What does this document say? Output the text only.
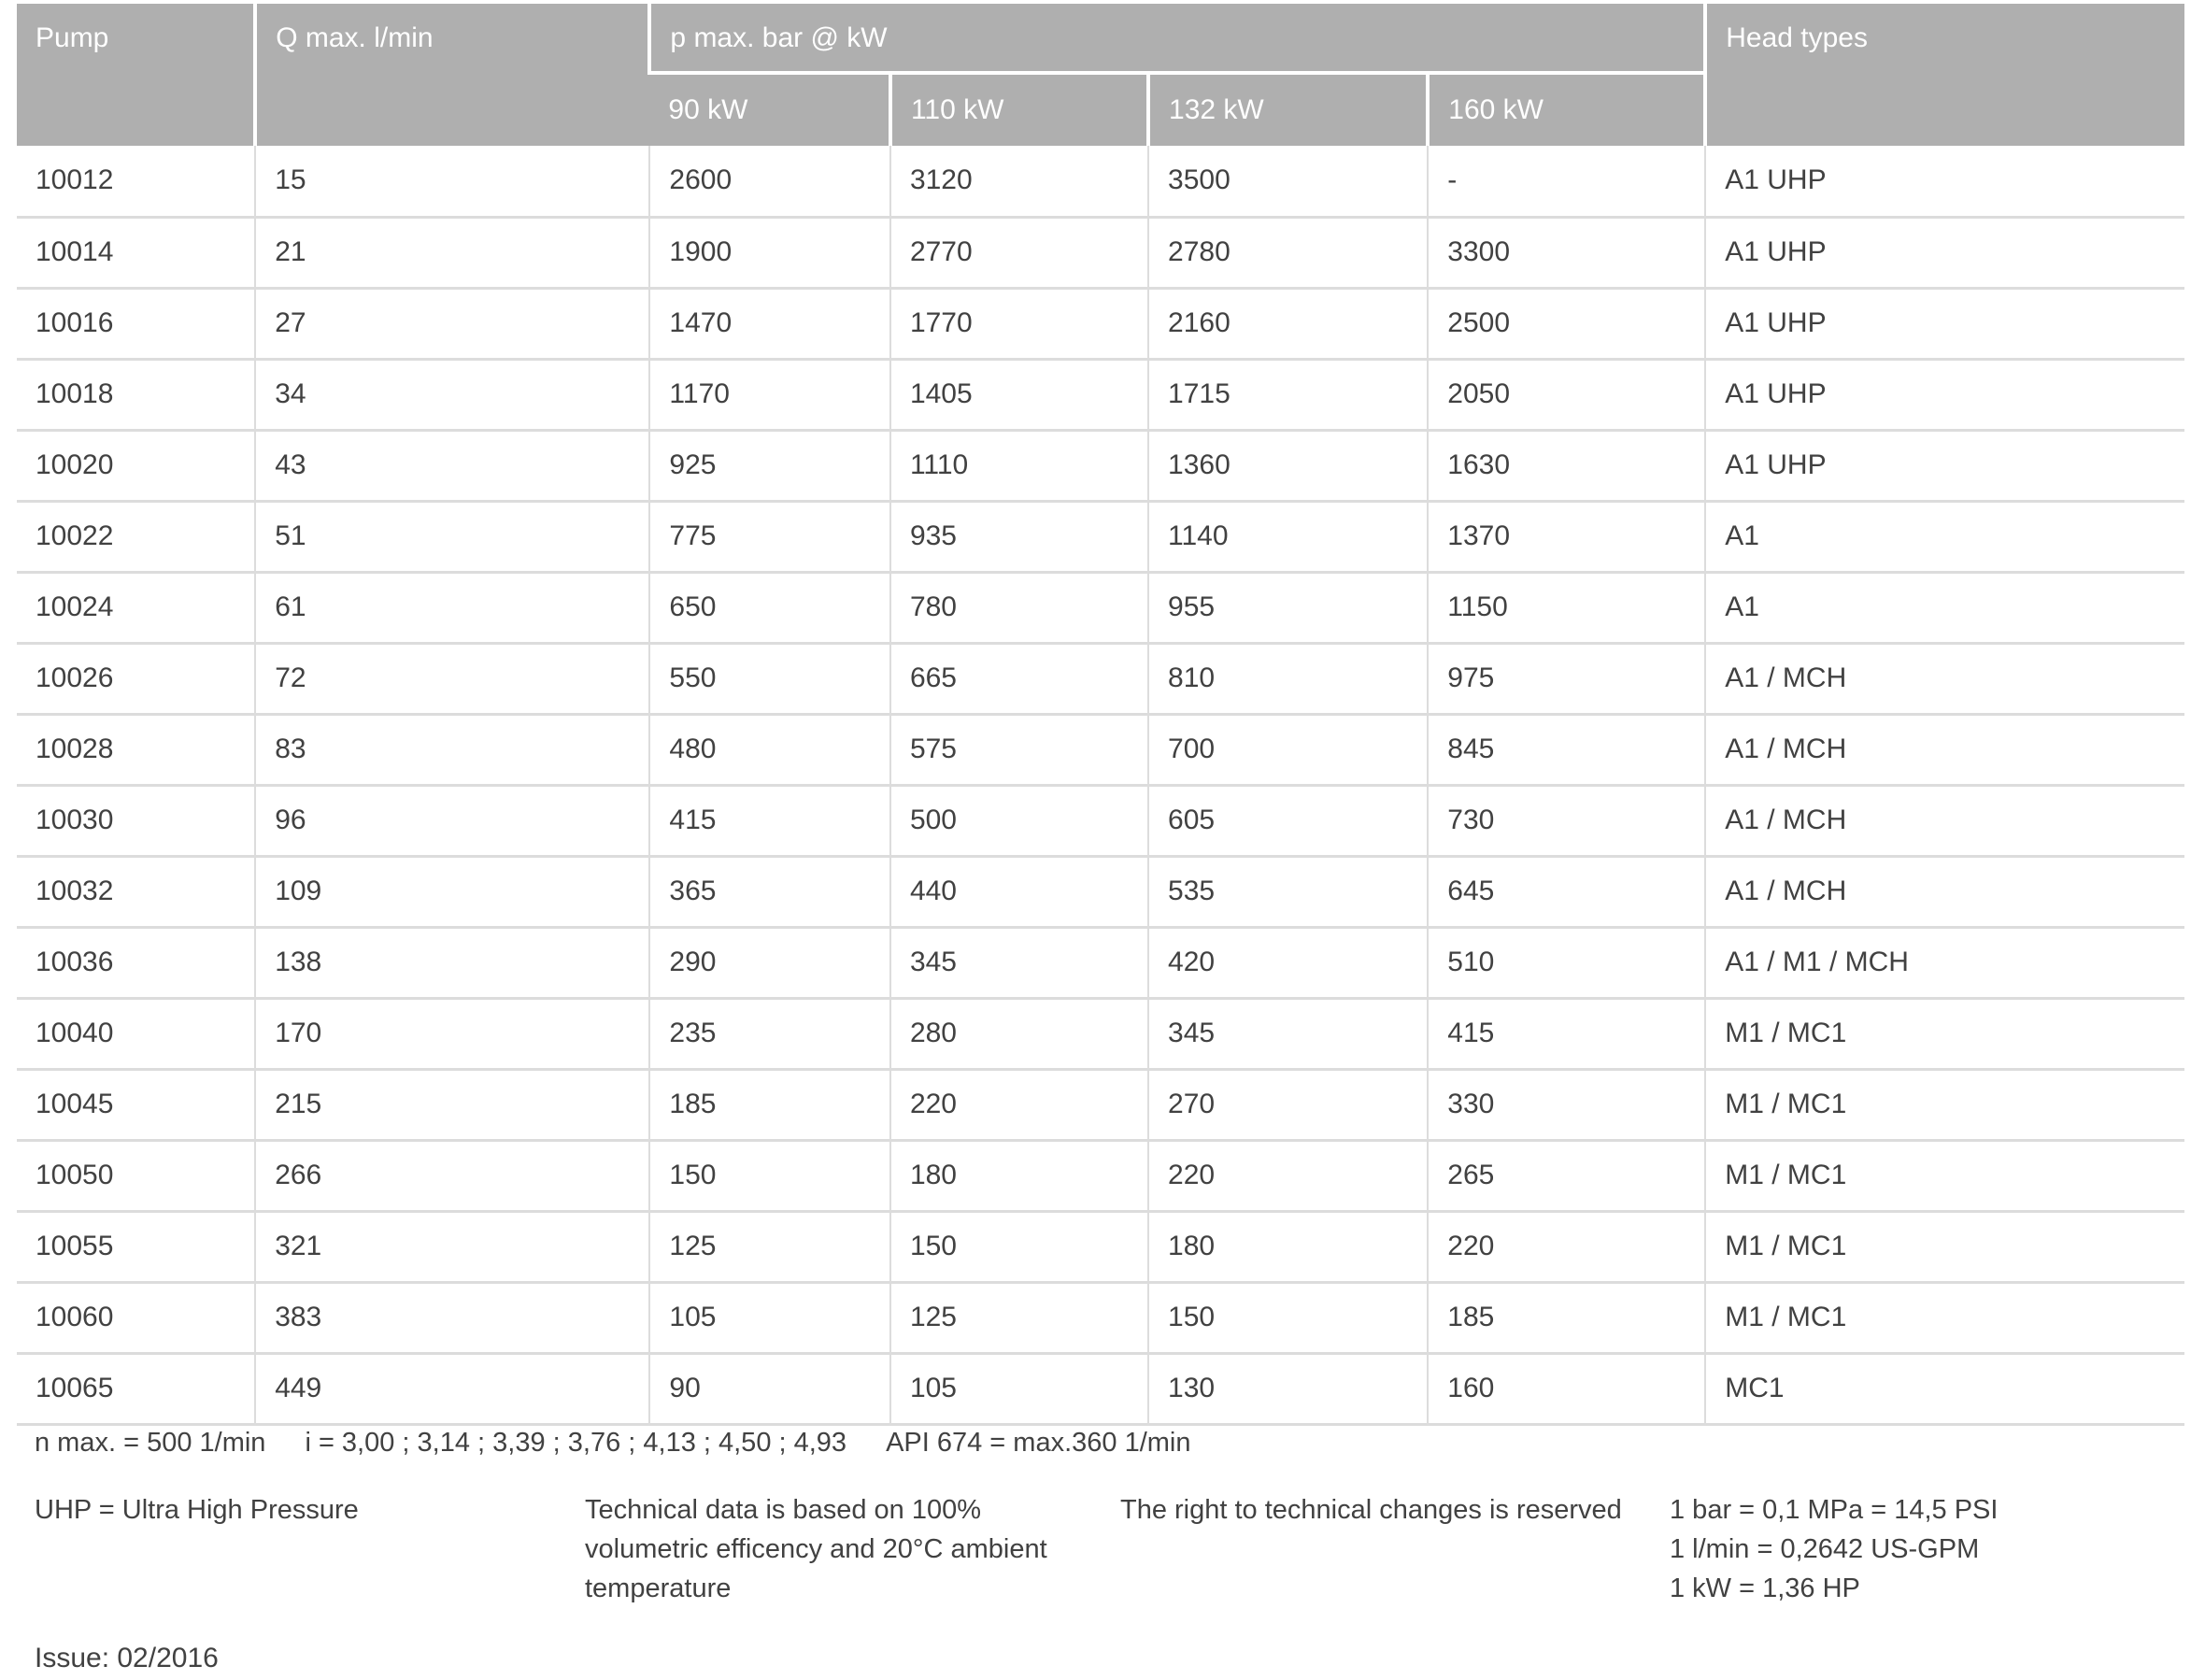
Pump	Q max. l/min	p max. bar @ kW				Head types
		90 kW	110 kW	132 kW	160 kW	
10012	15	2600	3120	3500	-	A1 UHP
10014	21	1900	2770	2780	3300	A1 UHP
10016	27	1470	1770	2160	2500	A1 UHP
10018	34	1170	1405	1715	2050	A1 UHP
10020	43	925	1110	1360	1630	A1 UHP
10022	51	775	935	1140	1370	A1
10024	61	650	780	955	1150	A1
10026	72	550	665	810	975	A1 / MCH
10028	83	480	575	700	845	A1 / MCH
10030	96	415	500	605	730	A1 / MCH
10032	109	365	440	535	645	A1 / MCH
10036	138	290	345	420	510	A1 / M1 / MCH
10040	170	235	280	345	415	M1 / MC1
10045	215	185	220	270	330	M1 / MC1
10050	266	150	180	220	265	M1 / MC1
10055	321	125	150	180	220	M1 / MC1
10060	383	105	125	150	185	M1 / MC1
10065	449	90	105	130	160	MC1
n max. = 500 1/min i = 3,00 ; 3,14 ; 3,39 ; 3,76 ; 4,13 ; 4,50 ; 4,93 API 674 = max.360 1/min
UHP = Ultra High Pressure	Technical data is based on 100% volumetric efficency and 20°C ambient temperature
The right to technical changes is reserved 1 bar = 0,1 MPa = 14,5 PSI
1 l/min = 0,2642 US-GPM
1 kW = 1,36 HP
Issue: 02/2016
